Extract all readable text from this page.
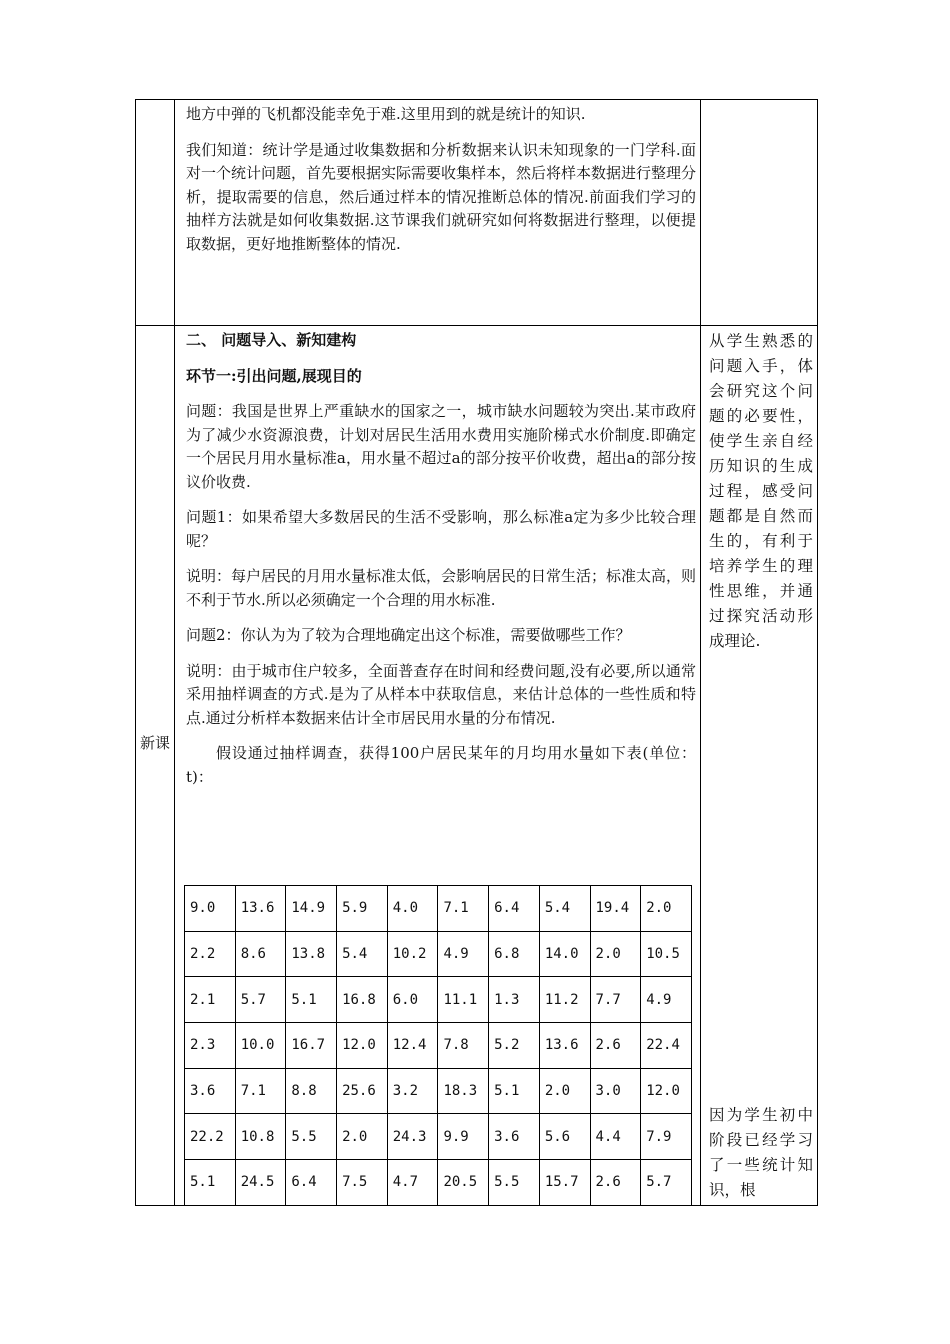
地方中弹的飞机都没能幸免于难.这里用到的就是统计的知识.

我们知道：统计学是通过收集数据和分析数据来认识未知现象的一门学科.面对一个统计问题，首先要根据实际需要收集样本，然后将样本数据进行整理分析，提取需要的信息，然后通过样本的情况推断总体的情况.前面我们学习的抽样方法就是如何收集数据.这节课我们就研究如何将数据进行整理，以便提取数据，更好地推断整体的情况.

新课

二、 问题导入、新知建构

环节一:引出问题,展现目的

问题：我国是世界上严重缺水的国家之一，城市缺水问题较为突出.某市政府为了减少水资源浪费，计划对居民生活用水费用实施阶梯式水价制度.即确定一个居民月用水量标准a，用水量不超过a的部分按平价收费，超出a的部分按议价收费.

问题1：如果希望大多数居民的生活不受影响，那么标准a定为多少比较合理呢？

说明：每户居民的月用水量标准太低，会影响居民的日常生活；标准太高，则不利于节水.所以必须确定一个合理的用水标准.

问题2：你认为为了较为合理地确定出这个标准，需要做哪些工作？

说明：由于城市住户较多，全面普查存在时间和经费问题,没有必要,所以通常采用抽样调查的方式.是为了从样本中获取信息，来估计总体的一些性质和特点.通过分析样本数据来估计全市居民用水量的分布情况.

假设通过抽样调查，获得100户居民某年的月均用水量如下表(单位：t)：

从学生熟悉的问题入手，体会研究这个问题的必要性，使学生亲自经历知识的生成过程，感受问题都是自然而生的，有利于培养学生的理性思维，并通过探究活动形成理论.
因为学生初中阶段已经学习了一些统计知识，根
9.0	13.6	14.9	5.9	4.0	7.1	6.4	5.4	19.4	2.0
2.2	8.6	13.8	5.4	10.2	4.9	6.8	14.0	2.0	10.5
2.1	5.7	5.1	16.8	6.0	11.1	1.3	11.2	7.7	4.9
2.3	10.0	16.7	12.0	12.4	7.8	5.2	13.6	2.6	22.4
3.6	7.1	8.8	25.6	3.2	18.3	5.1	2.0	3.0	12.0
22.2	10.8	5.5	2.0	24.3	9.9	3.6	5.6	4.4	7.9
5.1	24.5	6.4	7.5	4.7	20.5	5.5	15.7	2.6	5.7
